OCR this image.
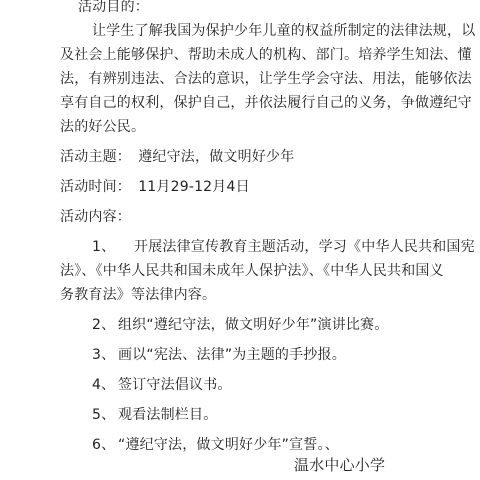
活动目的：
让学生了解我国为保护少年儿童的权益所制定的法律法规，以
及社会上能够保护、帮助未成人的机构、部门。培养学生知法、懂
法，有辨别违法、合法的意识，让学生学会守法、用法，能够依法
享有自己的权利，保护自己，并依法履行自己的义务，争做遵纪守
法的好公民。
活动主题：　遵纪守法，做文明好少年
活动时间：　11月29-12月4日
活动内容：
1、 开展法律宣传教育主题活动，学习《中华人民共和国宪
法》、《中华人民共和国未成年人保护法》、《中华人民共和国义
务教育法》等法律内容。
2、 组织“遵纪守法，做文明好少年”演讲比赛。
3、 画以“宪法、法律”为主题的手抄报。
4、 签订守法倡议书。
5、 观看法制栏目。
6、 “遵纪守法，做文明好少年”宣誓。、
温水中心小学
